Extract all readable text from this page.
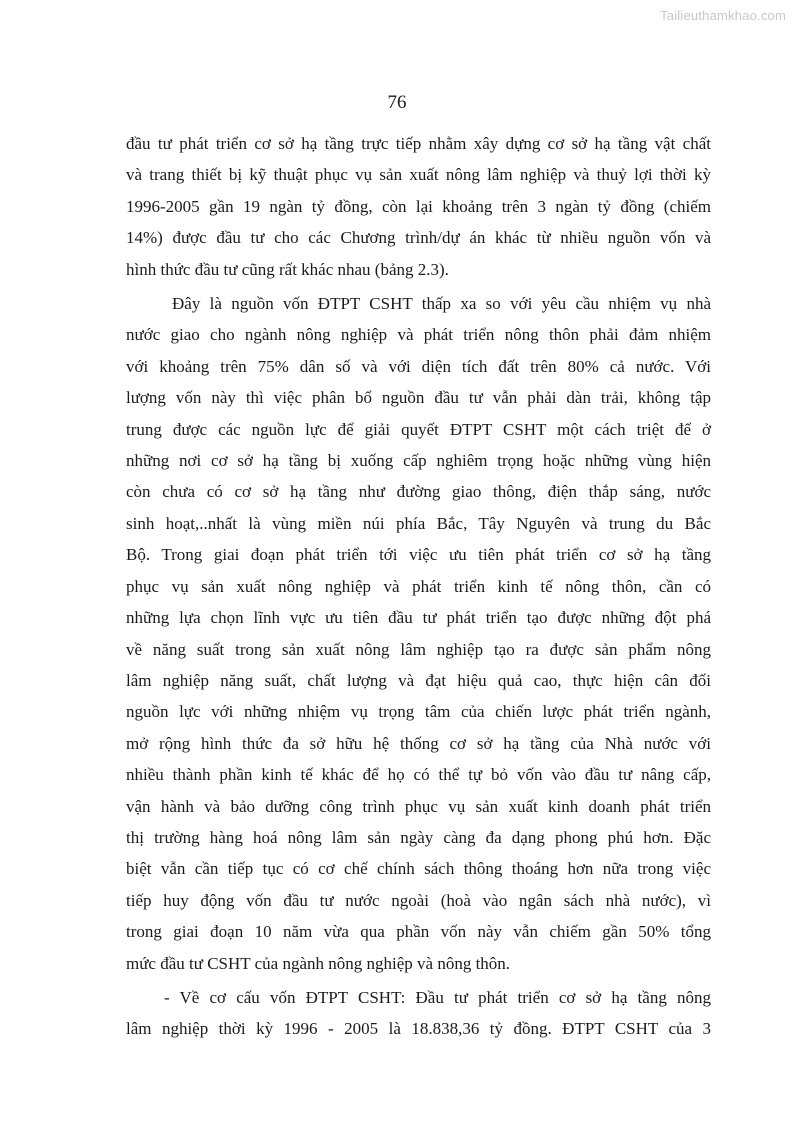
Tailieuthamkhao.com
76

đầu tư phát triển cơ sở hạ tầng trực tiếp nhằm xây dựng cơ sở hạ tầng vật chất
và trang thiết bị kỹ thuật phục vụ sản xuất nông lâm nghiệp và thuỷ lợi thời kỳ
1996-2005 gần 19 ngàn tỷ đồng, còn lại khoảng trên 3 ngàn tỷ đồng (chiếm
14%) được đầu tư cho các Chương trình/dự án khác từ nhiều nguồn vốn và
hình thức đầu tư cũng rất khác nhau (bảng 2.3).

Đây là nguồn vốn ĐTPT CSHT thấp xa so với yêu cầu nhiệm vụ nhà
nước giao cho ngành nông nghiệp và phát triển nông thôn phải đảm nhiệm
với khoảng trên 75% dân số và với diện tích đất trên 80% cả nước. Với
lượng vốn này thì việc phân bổ nguồn đầu tư vẫn phải dàn trải, không tập
trung được các nguồn lực để giải quyết ĐTPT CSHT một cách triệt để ở
những nơi cơ sở hạ tầng bị xuống cấp nghiêm trọng hoặc những vùng hiện
còn chưa có cơ sở hạ tầng như đường giao thông, điện thắp sáng, nước
sinh hoạt,..nhất là vùng miền núi phía Bắc, Tây Nguyên và trung du Bắc
Bộ. Trong giai đoạn phát triển tới việc ưu tiên phát triển cơ sở hạ tầng
phục vụ sản xuất nông nghiệp và phát triển kinh tế nông thôn, cần có
những lựa chọn lĩnh vực ưu tiên đầu tư phát triển tạo được những đột phá
về năng suất trong sản xuất nông lâm nghiệp tạo ra được sản phẩm nông
lâm nghiệp năng suất, chất lượng và đạt hiệu quả cao, thực hiện cân đối
nguồn lực với những nhiệm vụ trọng tâm của chiến lược phát triển ngành,
mở rộng hình thức đa sở hữu hệ thống cơ sở hạ tầng của Nhà nước với
nhiều thành phần kinh tế khác để họ có thể tự bỏ vốn vào đầu tư nâng cấp,
vận hành và bảo dưỡng công trình phục vụ sản xuất kinh doanh phát triển
thị trường hàng hoá nông lâm sản ngày càng đa dạng phong phú hơn. Đặc
biệt vẫn cần tiếp tục có cơ chế chính sách thông thoáng hơn nữa trong việc
tiếp huy động vốn đầu tư nước ngoài (hoà vào ngân sách nhà nước), vì
trong giai đoạn 10 năm vừa qua phần vốn này vẫn chiếm gần 50% tổng
mức đầu tư CSHT của ngành nông nghiệp và nông thôn.

- Về cơ cấu vốn ĐTPT CSHT: Đầu tư phát triển cơ sở hạ tầng nông
lâm nghiệp thời kỳ 1996 - 2005 là 18.838,36 tỷ đồng. ĐTPT CSHT của 3
